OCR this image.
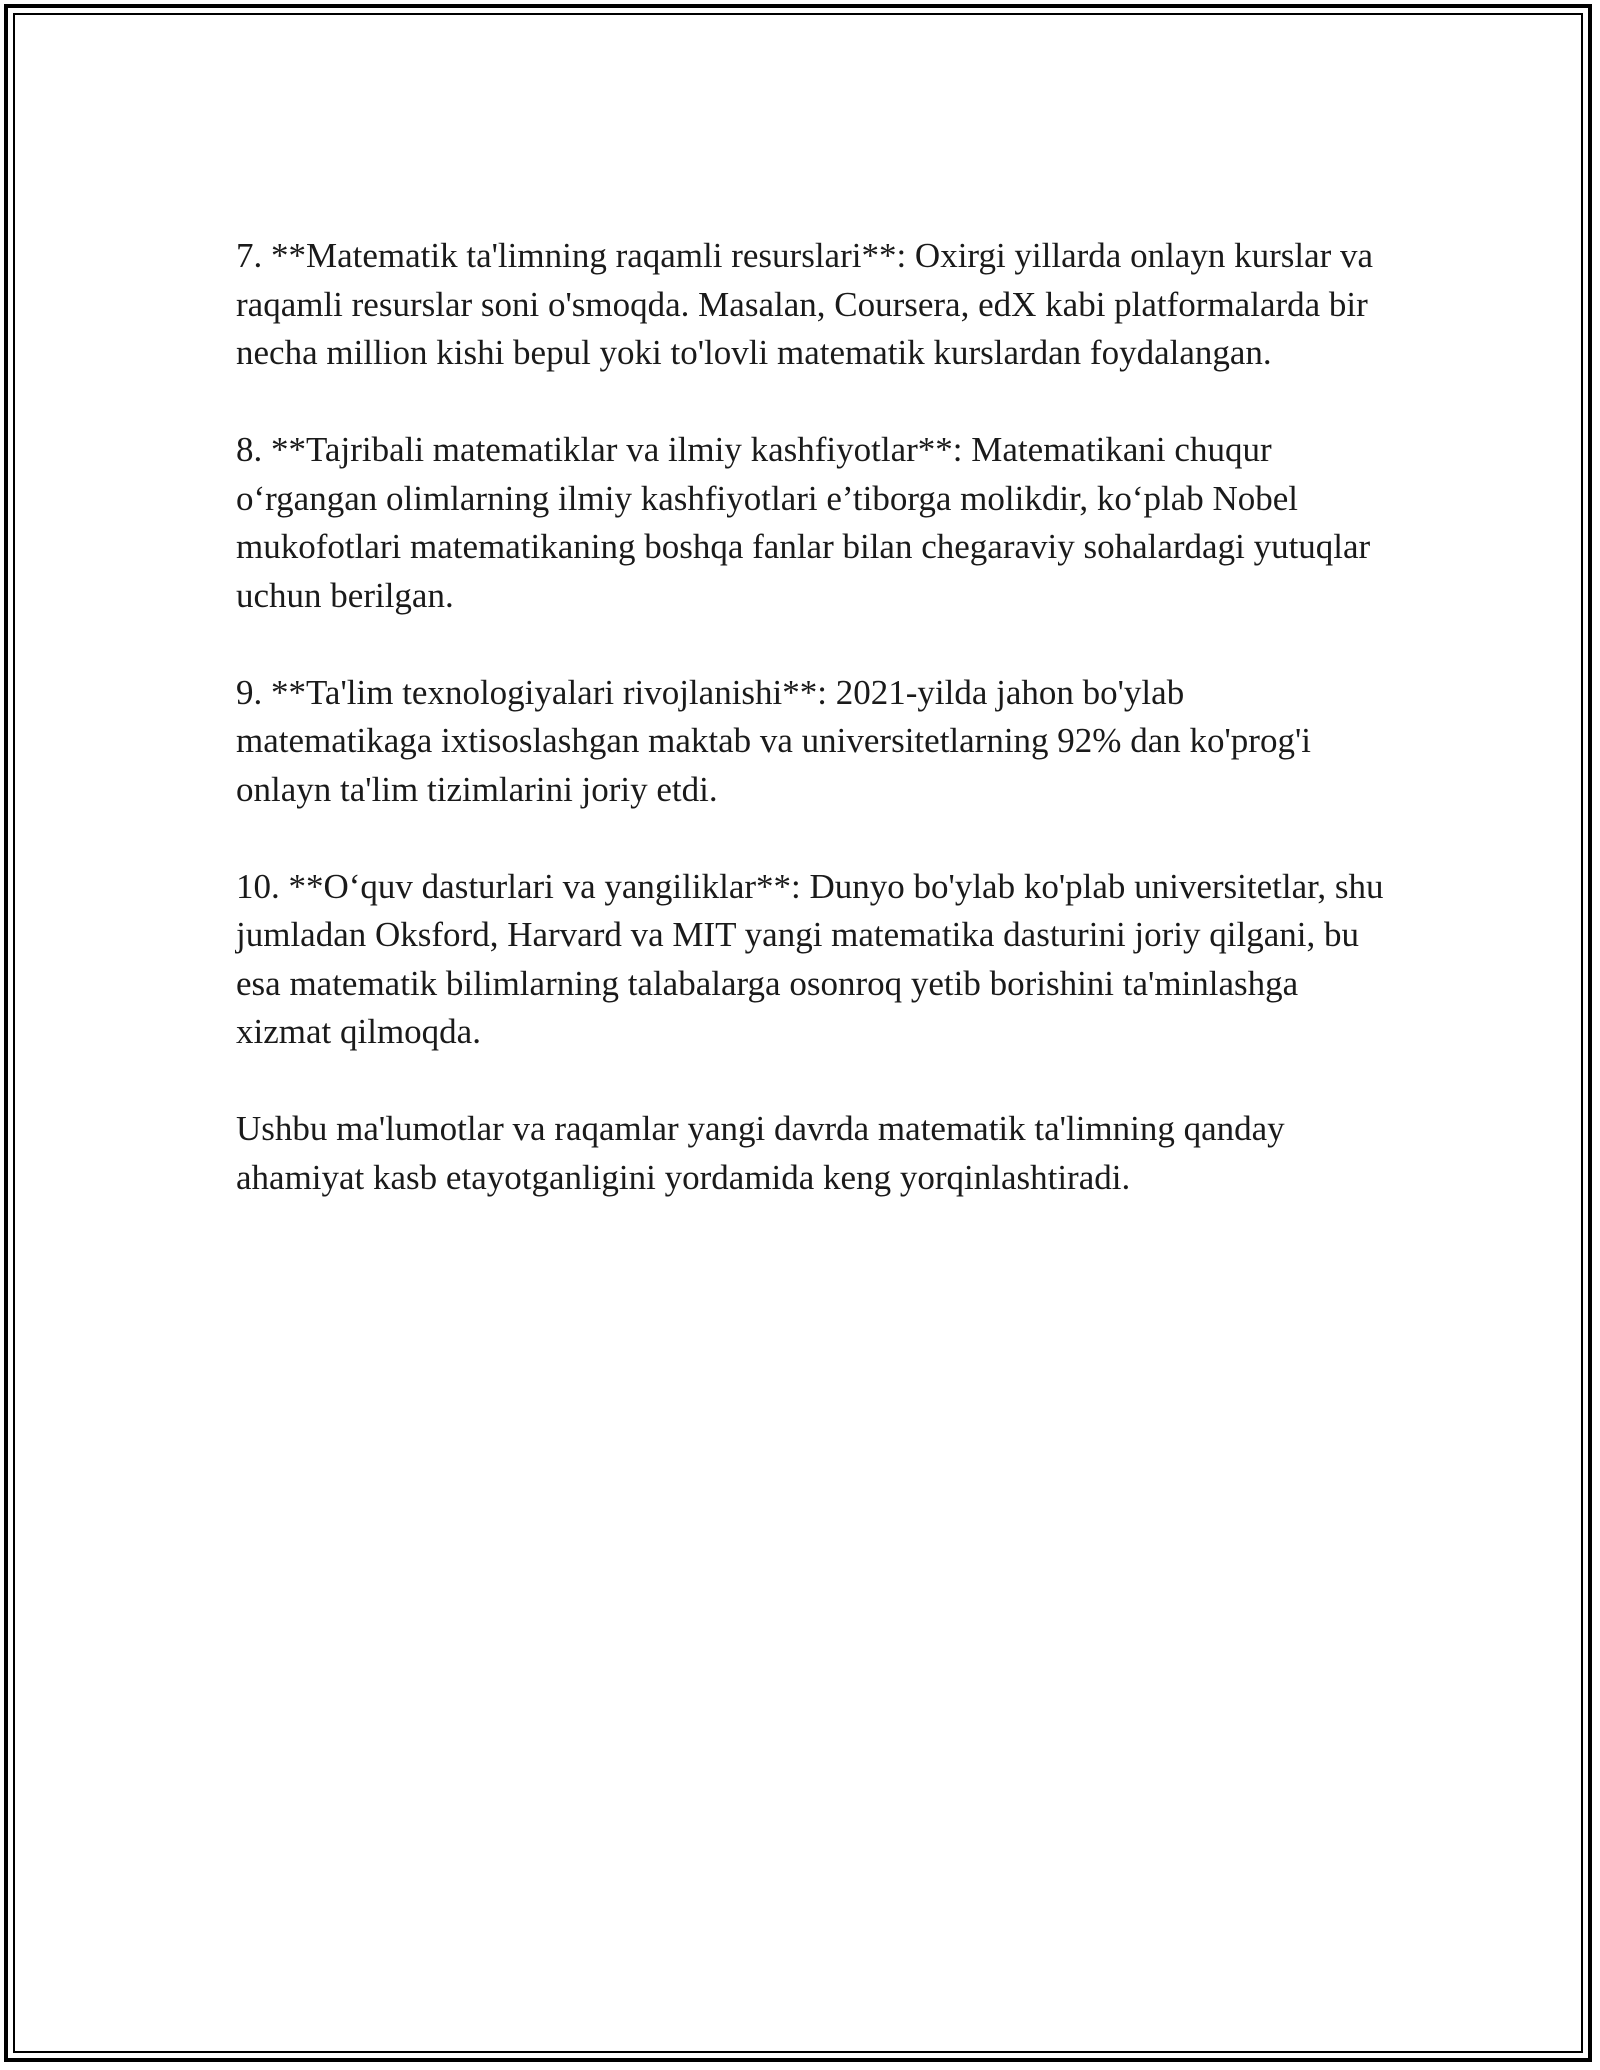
7. **Matematik ta'limning raqamli resurslari**: Oxirgi yillarda onlayn kurslar va raqamli resurslar soni o'smoqda. Masalan, Coursera, edX kabi platformalarda bir necha million kishi bepul yoki to'lovli matematik kurslardan foydalangan.

8. **Tajribali matematiklar va ilmiy kashfiyotlar**: Matematikani chuqur o‘rgangan olimlarning ilmiy kashfiyotlari e’tiborga molikdir, ko‘plab Nobel mukofotlari matematikaning boshqa fanlar bilan chegaraviy sohalardagi yutuqlar uchun berilgan.

9. **Ta'lim texnologiyalari rivojlanishi**: 2021-yilda jahon bo'ylab matematikaga ixtisoslashgan maktab va universitetlarning 92% dan ko'prog'i onlayn ta'lim tizimlarini joriy etdi.

10. **O‘quv dasturlari va yangiliklar**: Dunyo bo'ylab ko'plab universitetlar, shu jumladan Oksford, Harvard va MIT yangi matematika dasturini joriy qilgani, bu esa matematik bilimlarning talabalarga osonroq yetib borishini ta'minlashga xizmat qilmoqda.

Ushbu ma'lumotlar va raqamlar yangi davrda matematik ta'limning qanday ahamiyat kasb etayotganligini yordamida keng yorqinlashtiradi.
